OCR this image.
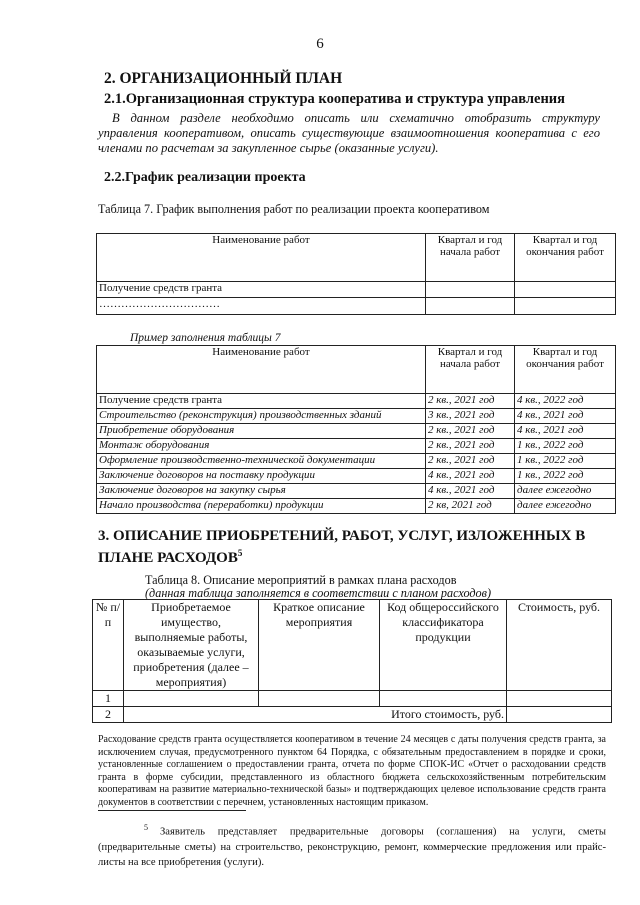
6
2. ОРГАНИЗАЦИОННЫЙ ПЛАН
2.1.Организационная структура кооператива и структура управления
В данном разделе необходимо описать или схематично отобразить структуру управления кооперативом, описать существующие взаимоотношения кооператива с его членами по расчетам за закупленное сырье (оказанные услуги).
2.2.График реализации проекта
Таблица 7. График выполнения работ по реализации проекта кооперативом
Наименование работ	Квартал и год начала работ	Квартал и год окончания работ
Получение средств гранта		
……………………………		
Пример заполнения таблицы 7
Наименование работ	Квартал и год начала работ	Квартал и год окончания работ
Получение средств гранта	2 кв., 2021 год	4 кв., 2022 год
Строительство (реконструкция) производственных зданий	3 кв., 2021 год	4 кв., 2021 год
Приобретение оборудования	2 кв., 2021 год	4 кв., 2021 год
Монтаж оборудования	2 кв., 2021 год	1 кв., 2022 год
Оформление производственно-технической документации	2 кв., 2021 год	1 кв., 2022 год
Заключение договоров на поставку продукции	4 кв., 2021 год	1 кв., 2022 год
Заключение договоров на закупку сырья	4 кв., 2021 год	далее ежегодно
Начало производства (переработки) продукции	2 кв, 2021 год	далее ежегодно
3. ОПИСАНИЕ ПРИОБРЕТЕНИЙ, РАБОТ, УСЛУГ, ИЗЛОЖЕННЫХ В
ПЛАНЕ РАСХОДОВ$^5$
Таблица 8. Описание мероприятий в рамках плана расходов
(данная таблица заполняется в соответствии с планом расходов)
№ п/п	Приобретаемое имущество, выполняемые работы, оказываемые услуги, приобретения (далее – мероприятия)	Краткое описание мероприятия	Код общероссийского классификатора продукции	Стоимость, руб.
1				
2	Итого стоимость, руб.			
Расходование средств гранта осуществляется кооперативом в течение 24 месяцев с даты получения средств гранта, за исключением случая, предусмотренного пунктом 64 Порядка, с обязательным предоставлением в порядке и сроки, установленные соглашением о предоставлении гранта, отчета по форме СПОК-ИС «Отчет о расходовании средств гранта в форме субсидии, представленного из областного бюджета сельскохозяйственным потребительским кооперативам на развитие материально-технической базы» и подтверждающих целевое использование средств гранта документов в соответствии с перечнем, установленных настоящим приказом.
$^5$ Заявитель представляет предварительные договоры (соглашения) на услуги, сметы (предварительные сметы) на строительство, реконструкцию, ремонт, коммерческие предложения или прайс-листы на все приобретения (услуги).
